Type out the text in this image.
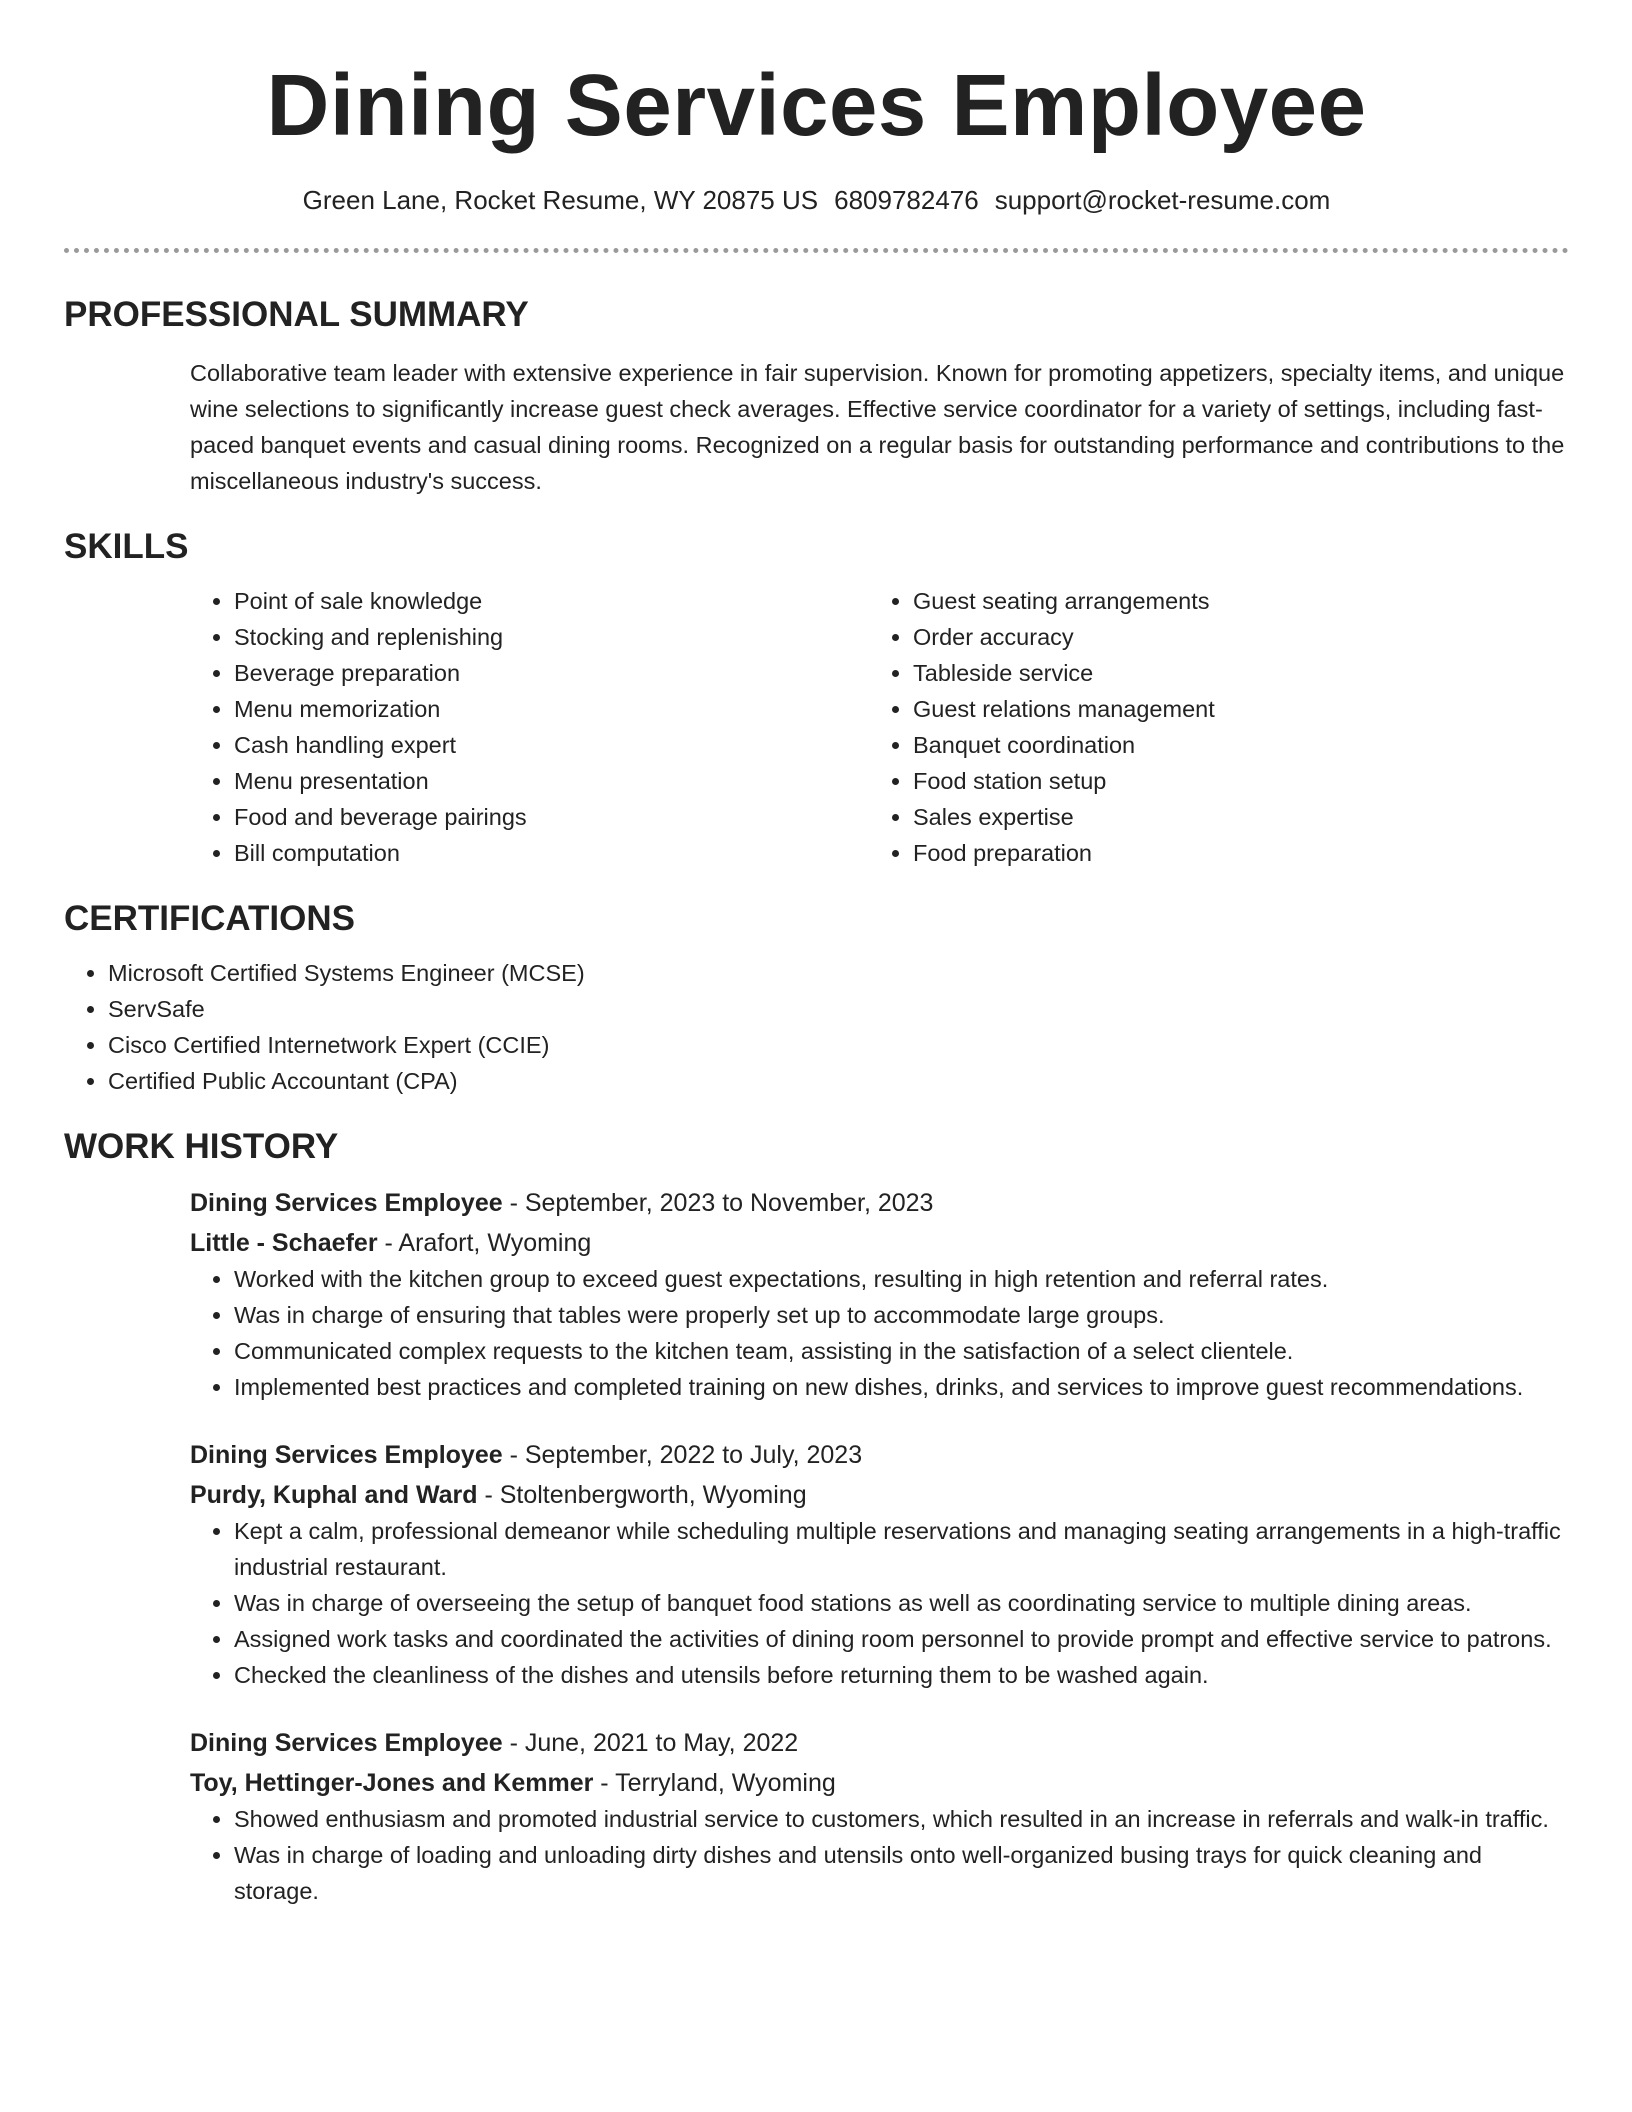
Dining Services Employee
Green Lane, Rocket Resume, WY 20875 US 6809782476 support@rocket-resume.com
PROFESSIONAL SUMMARY

Collaborative team leader with extensive experience in fair supervision. Known for promoting appetizers, specialty items, and unique wine selections to significantly increase guest check averages. Effective service coordinator for a variety of settings, including fast-paced banquet events and casual dining rooms. Recognized on a regular basis for outstanding performance and contributions to the miscellaneous industry's success.

SKILLS
• Point of sale knowledge
• Stocking and replenishing
• Beverage preparation
• Menu memorization
• Cash handling expert
• Menu presentation
• Food and beverage pairings
• Bill computation
• Guest seating arrangements
• Order accuracy
• Tableside service
• Guest relations management
• Banquet coordination
• Food station setup
• Sales expertise
• Food preparation
CERTIFICATIONS
• Microsoft Certified Systems Engineer (MCSE)
• ServSafe
• Cisco Certified Internetwork Expert (CCIE)
• Certified Public Accountant (CPA)
WORK HISTORY
Dining Services Employee - September, 2023 to November, 2023
Little - Schaefer - Arafort, Wyoming
• Worked with the kitchen group to exceed guest expectations, resulting in high retention and referral rates.
• Was in charge of ensuring that tables were properly set up to accommodate large groups.
• Communicated complex requests to the kitchen team, assisting in the satisfaction of a select clientele.
• Implemented best practices and completed training on new dishes, drinks, and services to improve guest recommendations.
Dining Services Employee - September, 2022 to July, 2023
Purdy, Kuphal and Ward - Stoltenbergworth, Wyoming
• Kept a calm, professional demeanor while scheduling multiple reservations and managing seating arrangements in a high-traffic industrial restaurant.
• Was in charge of overseeing the setup of banquet food stations as well as coordinating service to multiple dining areas.
• Assigned work tasks and coordinated the activities of dining room personnel to provide prompt and effective service to patrons.
• Checked the cleanliness of the dishes and utensils before returning them to be washed again.
Dining Services Employee - June, 2021 to May, 2022
Toy, Hettinger-Jones and Kemmer - Terryland, Wyoming
• Showed enthusiasm and promoted industrial service to customers, which resulted in an increase in referrals and walk-in traffic.
• Was in charge of loading and unloading dirty dishes and utensils onto well-organized busing trays for quick cleaning and storage.
